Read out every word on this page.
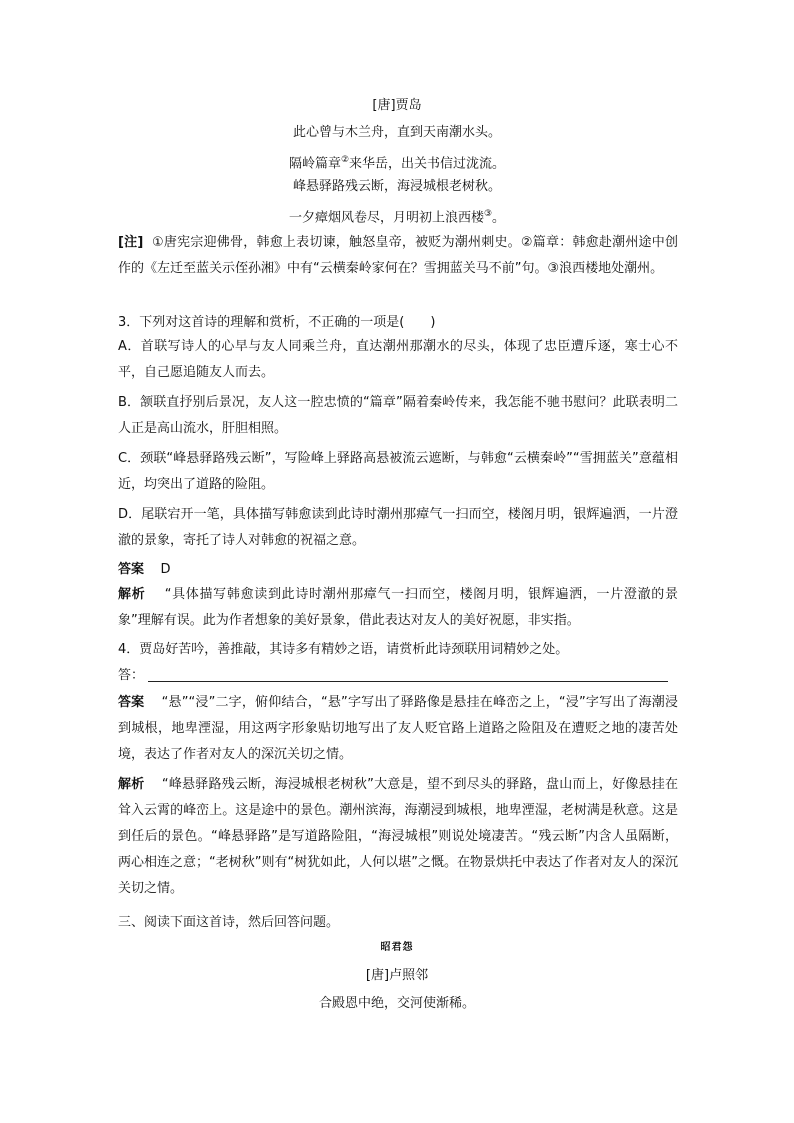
[唐]贾岛
此心曾与木兰舟，直到天南潮水头。
隔岭篇章②来华岳，出关书信过泷流。
峰悬驿路残云断，海浸城根老树秋。
一夕瘴烟风卷尽，月明初上浪西楼③。
[注] ①唐宪宗迎佛骨，韩愈上表切谏，触怒皇帝，被贬为潮州刺史。②篇章：韩愈赴潮州途中创作的《左迁至蓝关示侄孙湘》中有“云横秦岭家何在？雪拥蓝关马不前”句。③浪西楼地处潮州。
3．下列对这首诗的理解和赏析，不正确的一项是(　　)
A．首联写诗人的心早与友人同乘兰舟，直达潮州那潮水的尽头，体现了忠臣遭斥逐，寒士心不平，自己愿追随友人而去。
B．颔联直抒别后景况，友人这一腔忠愤的“篇章”隔着秦岭传来，我怎能不驰书慰问？此联表明二人正是高山流水，肝胆相照。
C．颈联“峰悬驿路残云断”，写险峰上驿路高悬被流云遮断，与韩愈“云横秦岭”“雪拥蓝关”意蕴相近，均突出了道路的险阻。
D．尾联宕开一笔，具体描写韩愈读到此诗时潮州那瘴气一扫而空，楼阁月明，银辉遍洒，一片澄澈的景象，寄托了诗人对韩愈的祝福之意。
答案 D
解析 “具体描写韩愈读到此诗时潮州那瘴气一扫而空，楼阁月明，银辉遍洒，一片澄澈的景象”理解有误。此为作者想象的美好景象，借此表达对友人的美好祝愿，非实指。
4．贾岛好苦吟，善推敲，其诗多有精妙之语，请赏析此诗颈联用词精妙之处。
答：
答案 “悬”“浸”二字，俯仰结合，“悬”字写出了驿路像是悬挂在峰峦之上，“浸”字写出了海潮浸到城根，地卑湮湿，用这两字形象贴切地写出了友人贬官路上道路之险阻及在遭贬之地的凄苦处境，表达了作者对友人的深沉关切之情。
解析 “峰悬驿路残云断，海浸城根老树秋”大意是，望不到尽头的驿路，盘山而上，好像悬挂在耸入云霄的峰峦上。这是途中的景色。潮州滨海，海潮浸到城根，地卑湮湿，老树满是秋意。这是到任后的景色。“峰悬驿路”是写道路险阻，“海浸城根”则说处境凄苦。“残云断”内含人虽隔断，两心相连之意；“老树秋”则有“树犹如此，人何以堪”之慨。在物景烘托中表达了作者对友人的深沉关切之情。
三、阅读下面这首诗，然后回答问题。
昭君怨
[唐]卢照邻
合殿恩中绝，交河使渐稀。
